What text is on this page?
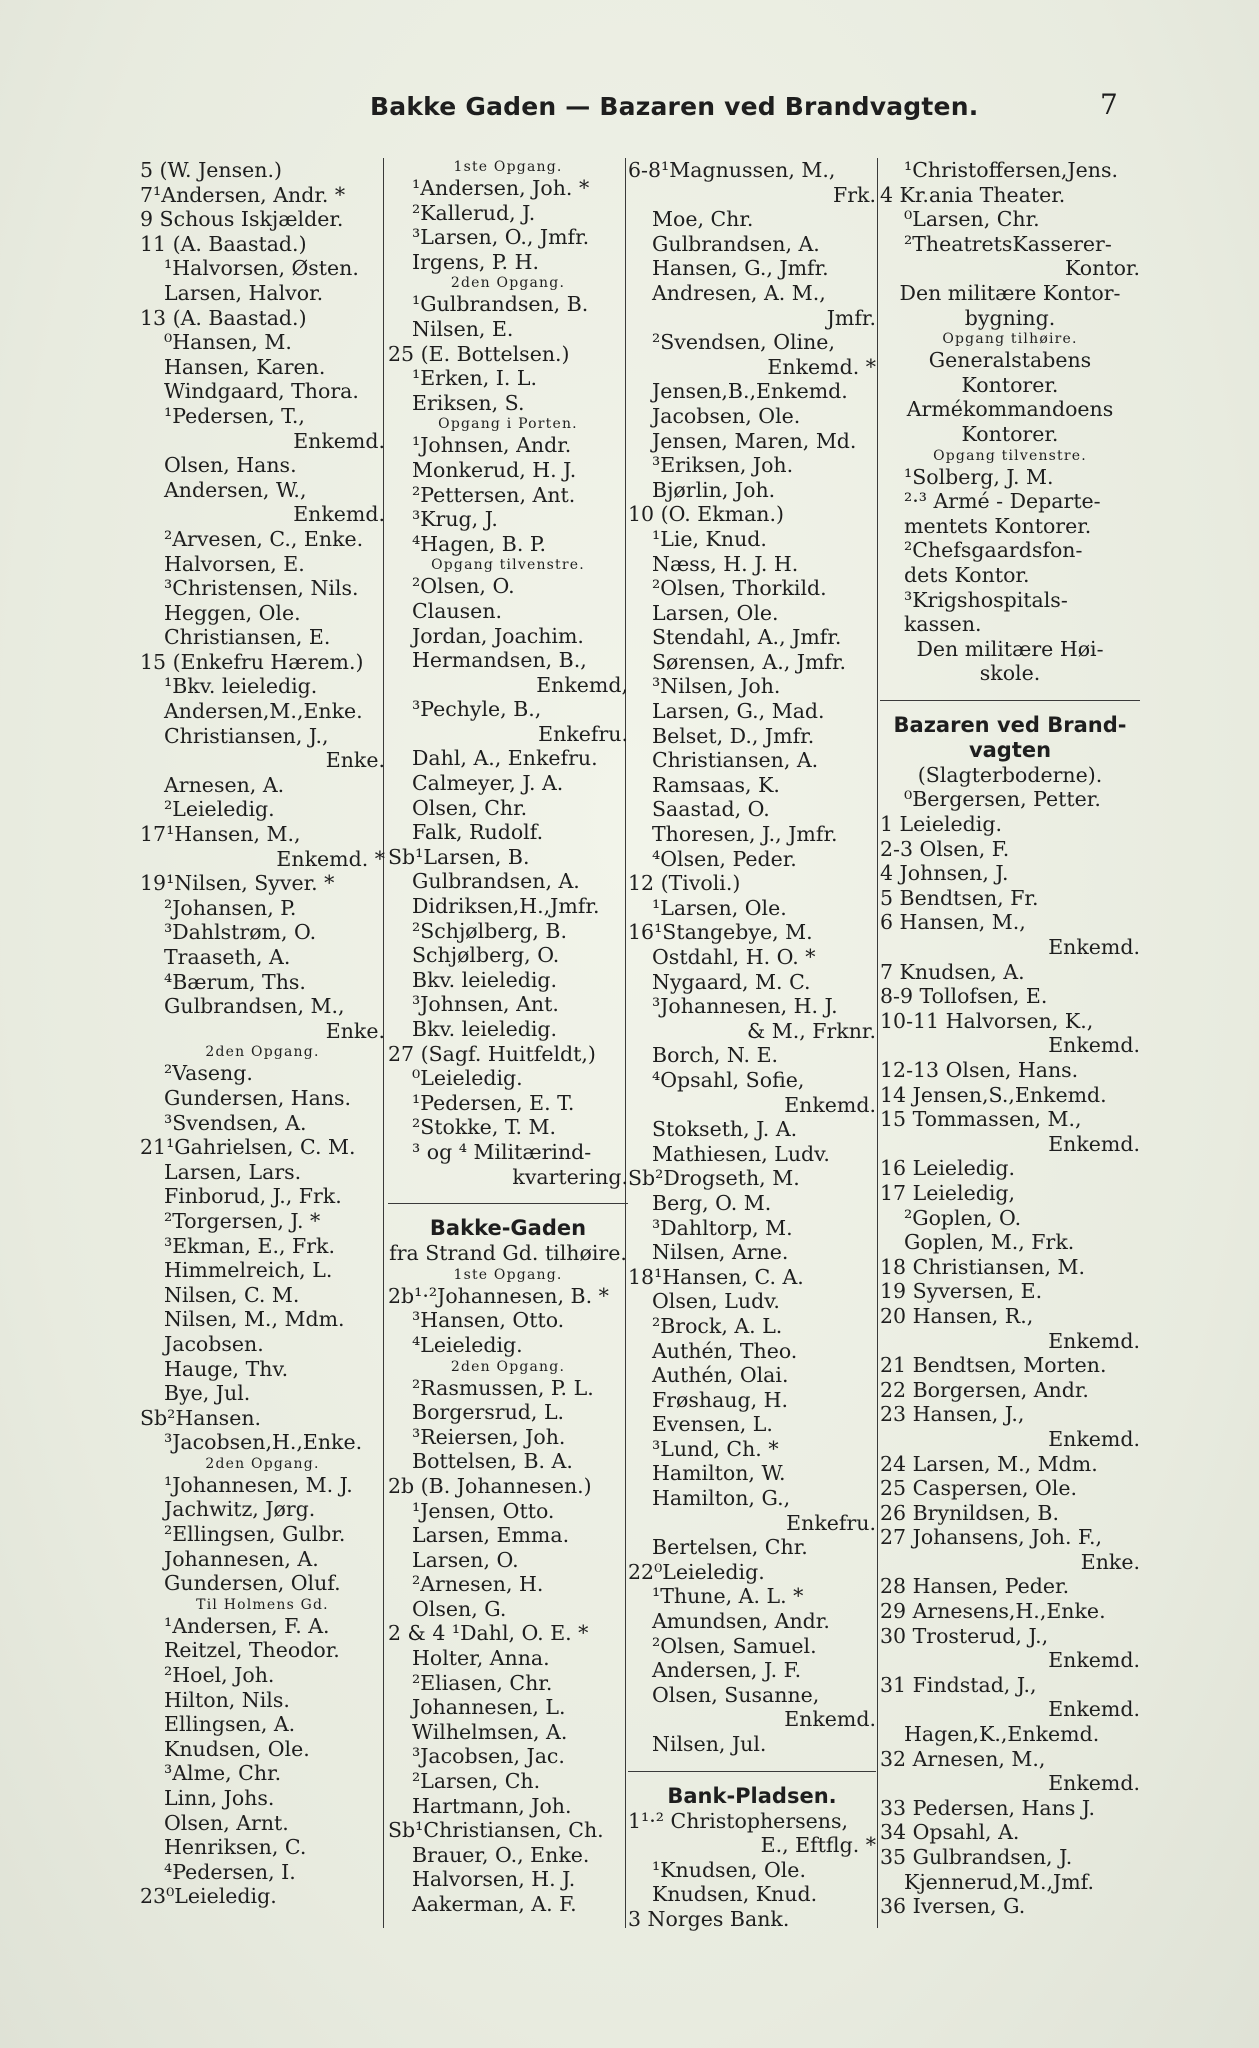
Bakke Gaden — Bazaren ved Brandvagten.	7
5 (W. Jensen.)
7¹Andersen, Andr. *
9 Schous Iskjælder.
11 (A. Baastad.)
¹Halvorsen, Østen.
Larsen, Halvor.
13 (A. Baastad.)
⁰Hansen, M.
Hansen, Karen.
Windgaard, Thora.
¹Pedersen, T.,
Enkemd.
Olsen, Hans.
Andersen, W.,
Enkemd.
²Arvesen, C., Enke.
Halvorsen, E.
³Christensen, Nils.
Heggen, Ole.
Christiansen, E.
15 (Enkefru Hærem.)
¹Bkv. leieledig.
Andersen,M.,Enke.
Christiansen, J.,
Enke.
Arnesen, A.
²Leieledig.
17¹Hansen, M.,
Enkemd. *
19¹Nilsen, Syver. *
²Johansen, P.
³Dahlstrøm, O.
Traaseth, A.
⁴Bærum, Ths.
Gulbrandsen, M.,
Enke.
2den Opgang.
²Vaseng.
Gundersen, Hans.
³Svendsen, A.
21¹Gahrielsen, C. M.
Larsen, Lars.
Finborud, J., Frk.
²Torgersen, J. *
³Ekman, E., Frk.
Himmelreich, L.
Nilsen, C. M.
Nilsen, M., Mdm.
Jacobsen.
Hauge, Thv.
Bye, Jul.
Sb²Hansen.
³Jacobsen,H.,Enke.
2den Opgang.
¹Johannesen, M. J.
Jachwitz, Jørg.
²Ellingsen, Gulbr.
Johannesen, A.
Gundersen, Oluf.
Til Holmens Gd.
¹Andersen, F. A.
Reitzel, Theodor.
²Hoel, Joh.
Hilton, Nils.
Ellingsen, A.
Knudsen, Ole.
³Alme, Chr.
Linn, Johs.
Olsen, Arnt.
Henriksen, C.
⁴Pedersen, I.
23⁰Leieledig.
1ste Opgang.
¹Andersen, Joh. *
²Kallerud, J.
³Larsen, O., Jmfr.
Irgens, P. H.
2den Opgang.
¹Gulbrandsen, B.
Nilsen, E.
25 (E. Bottelsen.)
¹Erken, I. L.
Eriksen, S.
Opgang i Porten.
¹Johnsen, Andr.
Monkerud, H. J.
²Pettersen, Ant.
³Krug, J.
⁴Hagen, B. P.
Opgang tilvenstre.
²Olsen, O.
Clausen.
Jordan, Joachim.
Hermandsen, B.,
Enkemd,
³Pechyle, B.,
Enkefru.
Dahl, A., Enkefru.
Calmeyer, J. A.
Olsen, Chr.
Falk, Rudolf.
Sb¹Larsen, B.
Gulbrandsen, A.
Didriksen,H.,Jmfr.
²Schjølberg, B.
Schjølberg, O.
Bkv. leieledig.
³Johnsen, Ant.
Bkv. leieledig.
27 (Sagf. Huitfeldt,)
⁰Leieledig.
¹Pedersen, E. T.
²Stokke, T. M.
³ og ⁴ Militærind-
kvartering.
Bakke-Gaden
fra Strand Gd. tilhøire.
1ste Opgang.
2b¹·²Johannesen, B. *
³Hansen, Otto.
⁴Leieledig.
2den Opgang.
²Rasmussen, P. L.
Borgersrud, L.
³Reiersen, Joh.
Bottelsen, B. A.
2b (B. Johannesen.)
¹Jensen, Otto.
Larsen, Emma.
Larsen, O.
²Arnesen, H.
Olsen, G.
2 & 4 ¹Dahl, O. E. *
Holter, Anna.
²Eliasen, Chr.
Johannesen, L.
Wilhelmsen, A.
³Jacobsen, Jac.
²Larsen, Ch.
Hartmann, Joh.
Sb¹Christiansen, Ch.
Brauer, O., Enke.
Halvorsen, H. J.
Aakerman, A. F.
6-8¹Magnussen, M.,
Frk.
Moe, Chr.
Gulbrandsen, A.
Hansen, G., Jmfr.
Andresen, A. M.,
Jmfr.
²Svendsen, Oline,
Enkemd. *
Jensen,B.,Enkemd.
Jacobsen, Ole.
Jensen, Maren, Md.
³Eriksen, Joh.
Bjørlin, Joh.
10 (O. Ekman.)
¹Lie, Knud.
Næss, H. J. H.
²Olsen, Thorkild.
Larsen, Ole.
Stendahl, A., Jmfr.
Sørensen, A., Jmfr.
³Nilsen, Joh.
Larsen, G., Mad.
Belset, D., Jmfr.
Christiansen, A.
Ramsaas, K.
Saastad, O.
Thoresen, J., Jmfr.
⁴Olsen, Peder.
12 (Tivoli.)
¹Larsen, Ole.
16¹Stangebye, M.
Ostdahl, H. O. *
Nygaard, M. C.
³Johannesen, H. J.
& M., Frknr.
Borch, N. E.
⁴Opsahl, Sofie,
Enkemd.
Stokseth, J. A.
Mathiesen, Ludv.
Sb²Drogseth, M.
Berg, O. M.
³Dahltorp, M.
Nilsen, Arne.
18¹Hansen, C. A.
Olsen, Ludv.
²Brock, A. L.
Authén, Theo.
Authén, Olai.
Frøshaug, H.
Evensen, L.
³Lund, Ch. *
Hamilton, W.
Hamilton, G.,
Enkefru.
Bertelsen, Chr.
22⁰Leieledig.
¹Thune, A. L. *
Amundsen, Andr.
²Olsen, Samuel.
Andersen, J. F.
Olsen, Susanne,
Enkemd.
Nilsen, Jul.
Bank-Pladsen.
1¹·² Christophersens,
E., Eftflg. *
¹Knudsen, Ole.
Knudsen, Knud.
3 Norges Bank.
¹Christoffersen,Jens.
4 Kr.ania Theater.
⁰Larsen, Chr.
²TheatretsKasserer-
Kontor.
Den militære Kontor-
bygning.
Opgang tilhøire.
Generalstabens
Kontorer.
Armékommandoens
Kontorer.
Opgang tilvenstre.
¹Solberg, J. M.
²·³ Armé - Departe-
mentets Kontorer.
²Chefsgaardsfon-
dets Kontor.
³Krigshospitals-
kassen.
Den militære Høi-
skole.
Bazaren ved Brand-
vagten
(Slagterboderne).
⁰Bergersen, Petter.
1 Leieledig.
2-3 Olsen, F.
4 Johnsen, J.
5 Bendtsen, Fr.
6 Hansen, M.,
Enkemd.
7 Knudsen, A.
8-9 Tollofsen, E.
10-11 Halvorsen, K.,
Enkemd.
12-13 Olsen, Hans.
14 Jensen,S.,Enkemd.
15 Tommassen, M.,
Enkemd.
16 Leieledig.
17 Leieledig,
²Goplen, O.
Goplen, M., Frk.
18 Christiansen, M.
19 Syversen, E.
20 Hansen, R.,
Enkemd.
21 Bendtsen, Morten.
22 Borgersen, Andr.
23 Hansen, J.,
Enkemd.
24 Larsen, M., Mdm.
25 Caspersen, Ole.
26 Brynildsen, B.
27 Johansens, Joh. F.,
Enke.
28 Hansen, Peder.
29 Arnesens,H.,Enke.
30 Trosterud, J.,
Enkemd.
31 Findstad, J.,
Enkemd.
Hagen,K.,Enkemd.
32 Arnesen, M.,
Enkemd.
33 Pedersen, Hans J.
34 Opsahl, A.
35 Gulbrandsen, J.
Kjennerud,M.,Jmf.
36 Iversen, G.
